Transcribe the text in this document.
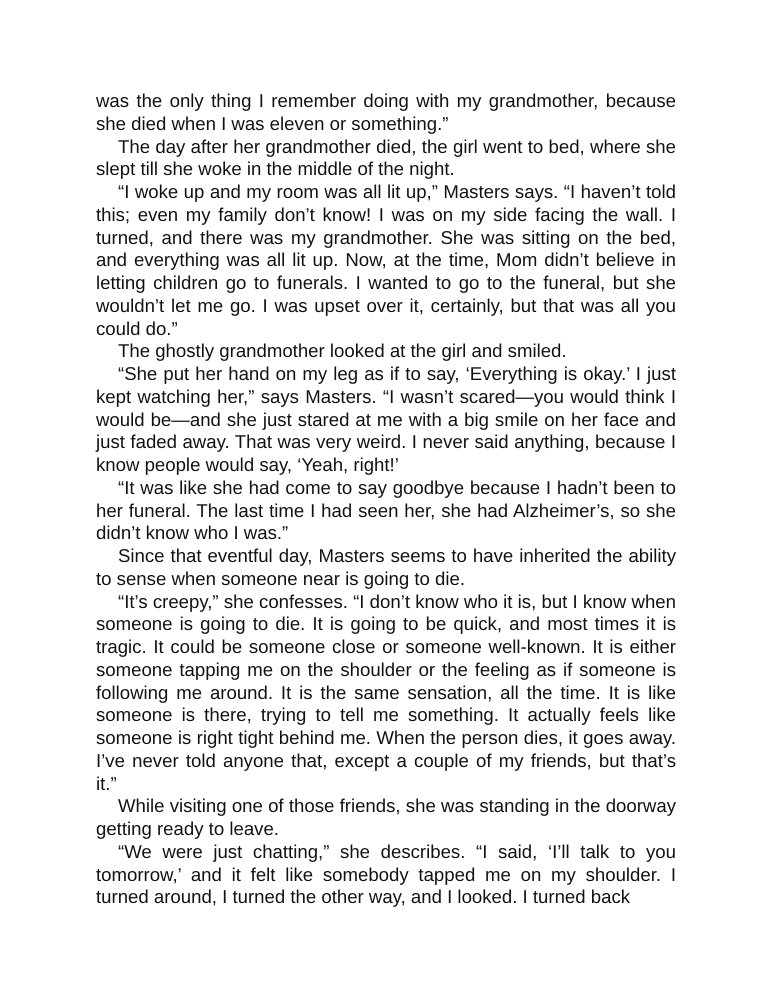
was the only thing I remember doing with my grandmother, because she died when I was eleven or something.”

The day after her grandmother died, the girl went to bed, where she slept till she woke in the middle of the night.

“I woke up and my room was all lit up,” Masters says. “I haven’t told this; even my family don’t know! I was on my side facing the wall. I turned, and there was my grandmother. She was sitting on the bed, and everything was all lit up. Now, at the time, Mom didn’t believe in letting children go to funerals. I wanted to go to the funeral, but she wouldn’t let me go. I was upset over it, certainly, but that was all you could do.”

The ghostly grandmother looked at the girl and smiled.

“She put her hand on my leg as if to say, ‘Everything is okay.’ I just kept watching her,” says Masters. “I wasn’t scared—you would think I would be—and she just stared at me with a big smile on her face and just faded away. That was very weird. I never said anything, because I know people would say, ‘Yeah, right!’

“It was like she had come to say goodbye because I hadn’t been to her funeral. The last time I had seen her, she had Alzheimer’s, so she didn’t know who I was.”

Since that eventful day, Masters seems to have inherited the ability to sense when someone near is going to die.

“It’s creepy,” she confesses. “I don’t know who it is, but I know when someone is going to die. It is going to be quick, and most times it is tragic. It could be someone close or someone well-known. It is either someone tapping me on the shoulder or the feeling as if someone is following me around. It is the same sensation, all the time. It is like someone is there, trying to tell me something. It actually feels like someone is right tight behind me. When the person dies, it goes away. I’ve never told anyone that, except a couple of my friends, but that’s it.”

While visiting one of those friends, she was standing in the doorway getting ready to leave.

“We were just chatting,” she describes. “I said, ‘I’ll talk to you tomorrow,’ and it felt like somebody tapped me on my shoulder. I turned around, I turned the other way, and I looked. I turned back
